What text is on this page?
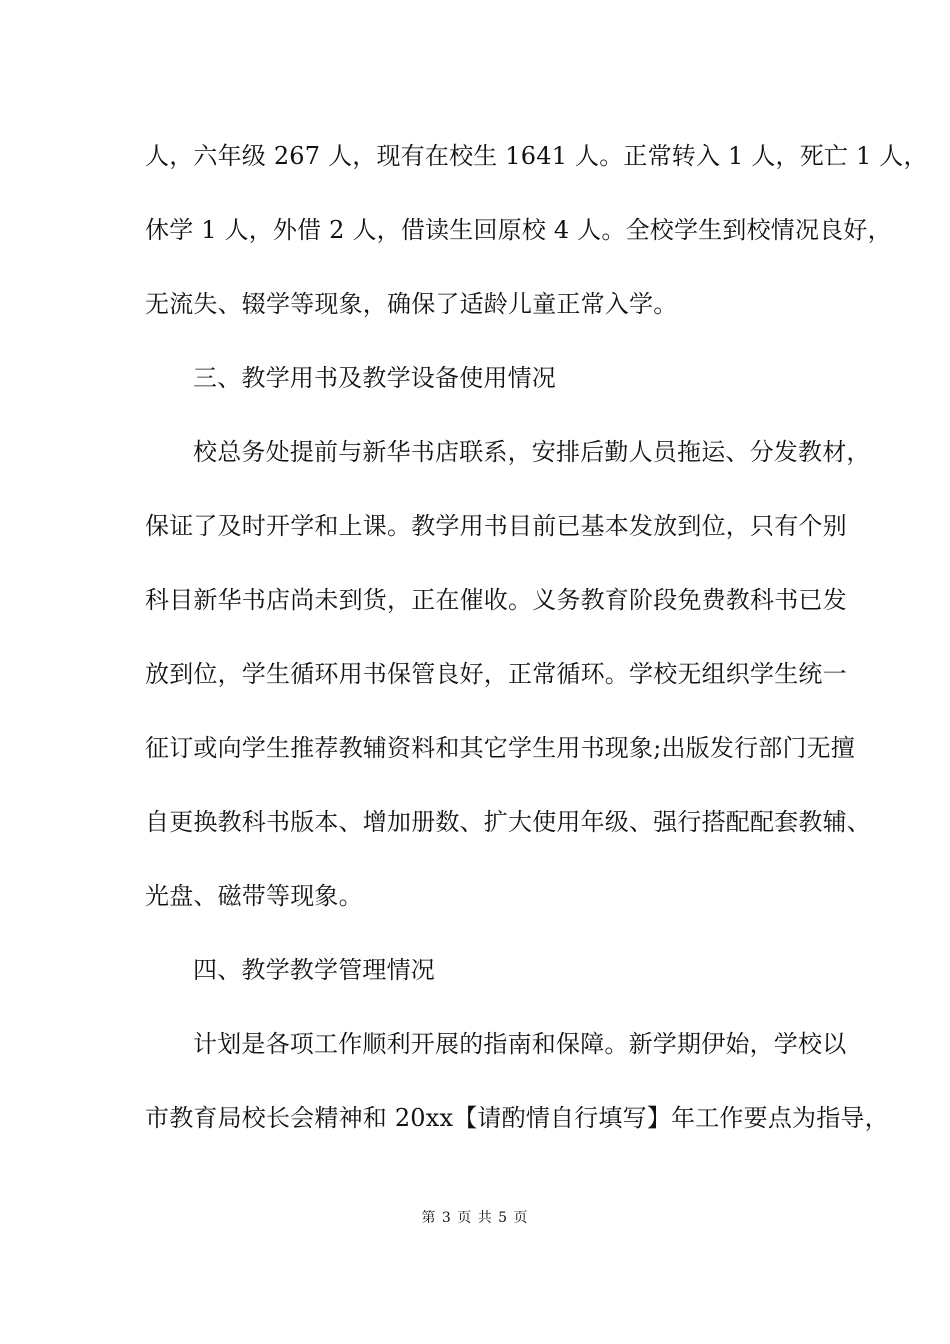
人，六年级 267 人，现有在校生 1641 人。正常转入 1 人，死亡 1 人，
休学 1 人，外借 2 人，借读生回原校 4 人。全校学生到校情况良好，
无流失、辍学等现象，确保了适龄儿童正常入学。
三、教学用书及教学设备使用情况
校总务处提前与新华书店联系，安排后勤人员拖运、分发教材，
保证了及时开学和上课。教学用书目前已基本发放到位，只有个别
科目新华书店尚未到货，正在催收。义务教育阶段免费教科书已发
放到位，学生循环用书保管良好，正常循环。学校无组织学生统一
征订或向学生推荐教辅资料和其它学生用书现象;出版发行部门无擅
自更换教科书版本、增加册数、扩大使用年级、强行搭配配套教辅、
光盘、磁带等现象。
四、教学教学管理情况
计划是各项工作顺利开展的指南和保障。新学期伊始，学校以
市教育局校长会精神和 20xx【请酌情自行填写】年工作要点为指导，
第 3 页 共 5 页
